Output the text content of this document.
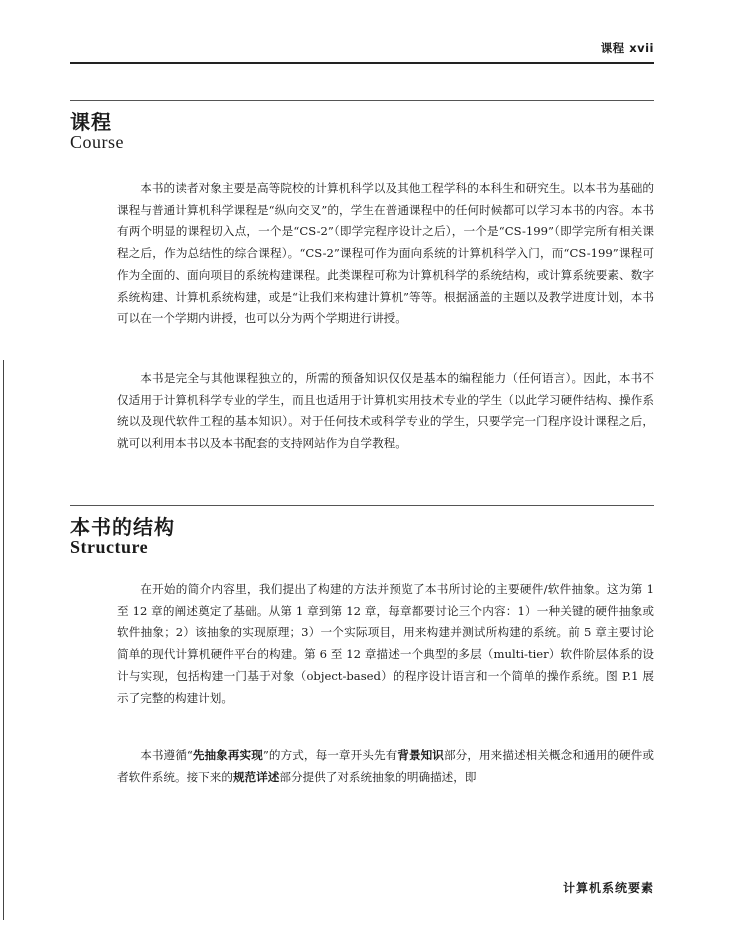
课程 xvii
课程
Course
本书的读者对象主要是高等院校的计算机科学以及其他工程学科的本科生和研究生。以本书为基础的课程与普通计算机科学课程是“纵向交叉”的，学生在普通课程中的任何时候都可以学习本书的内容。本书有两个明显的课程切入点，一个是“CS-2”（即学完程序设计之后），一个是“CS-199”（即学完所有相关课程之后，作为总结性的综合课程）。“CS-2”课程可作为面向系统的计算机科学入门，而“CS-199”课程可作为全面的、面向项目的系统构建课程。此类课程可称为计算机科学的系统结构，或计算系统要素、数字系统构建、计算机系统构建，或是“让我们来构建计算机”等等。根据涵盖的主题以及教学进度计划，本书可以在一个学期内讲授，也可以分为两个学期进行讲授。
本书是完全与其他课程独立的，所需的预备知识仅仅是基本的编程能力（任何语言）。因此，本书不仅适用于计算机科学专业的学生，而且也适用于计算机实用技术专业的学生（以此学习硬件结构、操作系统以及现代软件工程的基本知识）。对于任何技术或科学专业的学生，只要学完一门程序设计课程之后，就可以利用本书以及本书配套的支持网站作为自学教程。
本书的结构
Structure
在开始的简介内容里，我们提出了构建的方法并预览了本书所讨论的主要硬件/软件抽象。这为第 1 至 12 章的阐述奠定了基础。从第 1 章到第 12 章，每章都要讨论三个内容：1）一种关键的硬件抽象或软件抽象；2）该抽象的实现原理；3）一个实际项目，用来构建并测试所构建的系统。前 5 章主要讨论简单的现代计算机硬件平台的构建。第 6 至 12 章描述一个典型的多层（multi-tier）软件阶层体系的设计与实现，包括构建一门基于对象（object-based）的程序设计语言和一个简单的操作系统。图 P.1 展示了完整的构建计划。
本书遵循“先抽象再实现”的方式，每一章开头先有背景知识部分，用来描述相关概念和通用的硬件或者软件系统。接下来的规范详述部分提供了对系统抽象的明确描述，即
计算机系统要素
